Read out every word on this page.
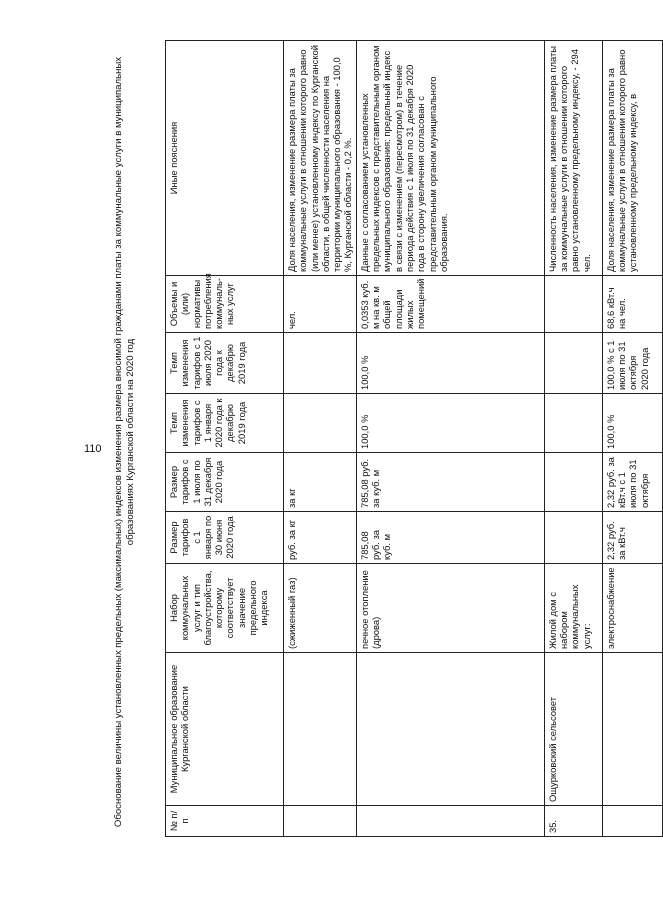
110 Обоснование величины установленных предельных (максимальных) индексов изменения размера вносимой гражданами платы за коммунальные услуги в муниципальных образованиях Курганской области на 2020 год
№ п/п	Муниципальное образование Курганской области	Набор коммунальных услуг и тип благоустройства, которому соответствует значение предельного индекса	Размер тарифов с 1 января по 30 июня 2020 года	Размер тарифов с 1 июля по 31 декабря 2020 года	Темп изменения тарифов с 1 января 2020 года к декабрю 2019 года	Темп изменения тарифов с 1 июля 2020 года к декабрю 2019 года	Объемы и (или) нормативы потребления коммуналь-ных услуг	Иные пояснения
		(сжиженный газ)	руб. за кг	за кг			чел.	Доля населения, изменение размера платы за коммунальные услуги в отношении которого равно (или менее) установленному индексу по Курганской области, в общей численности населения на территории муниципального образования - 100,0 %, Курганской области - 0,2 %.
		печное отопление (дрова)	785,08 руб. за куб. м	785,08 руб. за куб. м	100,0 %	100,0 %	0,0353 куб. м на кв. м общей площади жилых помещений	Данные с согласованием установленных предельных индексов с представительным органом муниципального образования: предельный индекс в связи с изменением (пересмотром) в течение периода действия с 1 июля по 31 декабря 2020 года в сторону увеличения согласован с представительным органом муниципального образования.
35.	Ощурковский сельсовет	Жилой дом с набором коммунальных услуг:						Численность населения, изменение размера платы за коммунальные услуги в отношении которого равно установленному предельному индексу, - 294 чел.
		электроснабжение	2,32 руб. за кВт.ч	2,32 руб. за кВт.ч с 1 июля по 31 октября	100,0 %	100,0 % с 1 июля по 31 октября 2020 года	68,6 кВт.ч на чел.	Доля населения, изменение размера платы за коммунальные услуги в отношении которого равно установленному предельному индексу, в
